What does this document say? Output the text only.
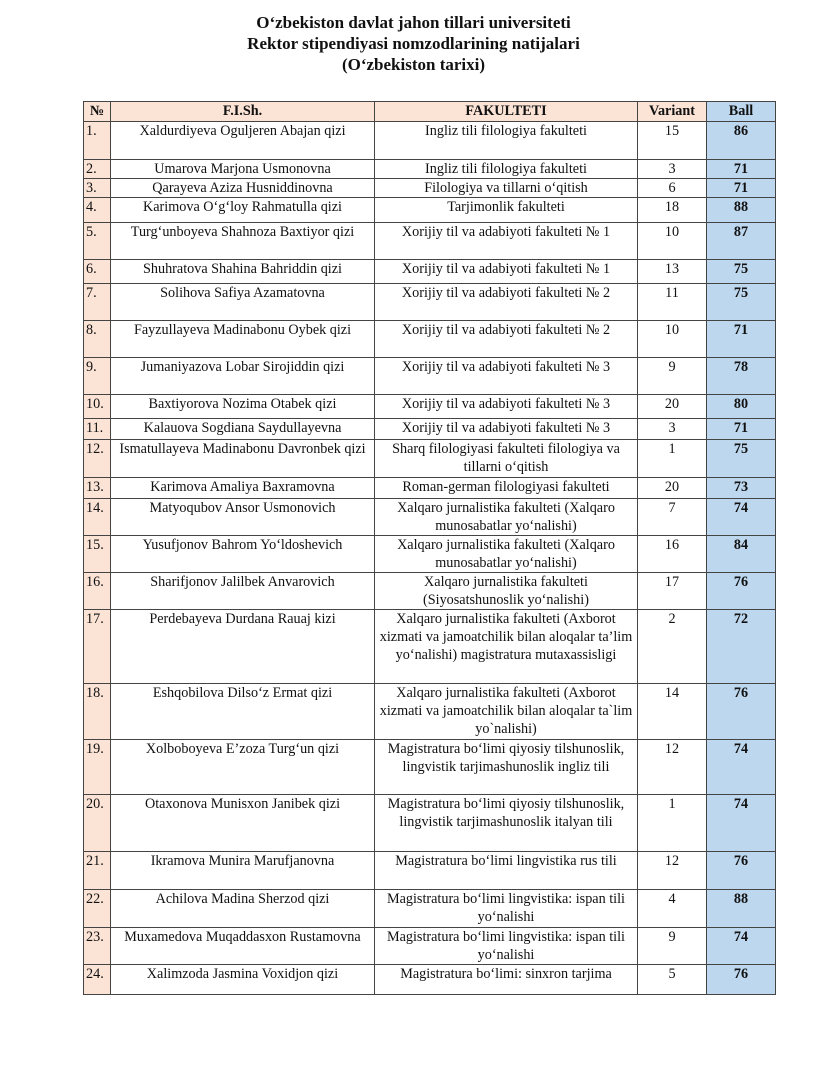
O‘zbekiston davlat jahon tillari universiteti
Rektor stipendiyasi nomzodlarining natijalari
(O‘zbekiston tarixi)
№	F.I.Sh.	FAKULTETI	Variant	Ball
1.	Xaldurdiyeva Oguljeren Abajan qizi	Ingliz tili filologiya fakulteti	15	86
2.	Umarova Marjona Usmonovna	Ingliz tili filologiya fakulteti	3	71
3.	Qarayeva Aziza Husniddinovna	Filologiya va tillarni o‘qitish	6	71
4.	Karimova O‘g‘loy Rahmatulla qizi	Tarjimonlik fakulteti	18	88
5.	Turg‘unboyeva Shahnoza Baxtiyor qizi	Xorijiy til va adabiyoti fakulteti № 1	10	87
6.	Shuhratova Shahina Bahriddin qizi	Xorijiy til va adabiyoti fakulteti № 1	13	75
7.	Solihova Safiya Azamatovna	Xorijiy til va adabiyoti fakulteti № 2	11	75
8.	Fayzullayeva Madinabonu Oybek qizi	Xorijiy til va adabiyoti fakulteti № 2	10	71
9.	Jumaniyazova Lobar Sirojiddin qizi	Xorijiy til va adabiyoti fakulteti № 3	9	78
10.	Baxtiyorova Nozima Otabek qizi	Xorijiy til va adabiyoti fakulteti № 3	20	80
11.	Kalauova Sogdiana Saydullayevna	Xorijiy til va adabiyoti fakulteti № 3	3	71
12.	Ismatullayeva Madinabonu Davronbek qizi	Sharq filologiyasi fakulteti filologiya va tillarni o‘qitish	1	75
13.	Karimova Amaliya Baxramovna	Roman-german filologiyasi fakulteti	20	73
14.	Matyoqubov Ansor Usmonovich	Xalqaro jurnalistika fakulteti (Xalqaro munosabatlar yo‘nalishi)	7	74
15.	Yusufjonov Bahrom Yo‘ldoshevich	Xalqaro jurnalistika fakulteti (Xalqaro munosabatlar yo‘nalishi)	16	84
16.	Sharifjonov Jalilbek Anvarovich	Xalqaro jurnalistika fakulteti (Siyosatshunoslik yo‘nalishi)	17	76
17.	Perdebayeva Durdana Rauaj kizi	Xalqaro jurnalistika fakulteti (Axborot xizmati va jamoatchilik bilan aloqalar ta’lim yo‘nalishi) magistratura mutaxassisligi	2	72
18.	Eshqobilova Dilso‘z Ermat qizi	Xalqaro jurnalistika fakulteti (Axborot xizmati va jamoatchilik bilan aloqalar ta`lim yo`nalishi)	14	76
19.	Xolboboyeva E’zoza Turg‘un qizi	Magistratura bo‘limi qiyosiy tilshunoslik, lingvistik tarjimashunoslik ingliz tili	12	74
20.	Otaxonova Munisxon Janibek qizi	Magistratura bo‘limi qiyosiy tilshunoslik, lingvistik tarjimashunoslik italyan tili	1	74
21.	Ikramova Munira Marufjanovna	Magistratura bo‘limi lingvistika rus tili	12	76
22.	Achilova Madina Sherzod qizi	Magistratura bo‘limi lingvistika: ispan tili yo‘nalishi	4	88
23.	Muxamedova Muqaddasxon Rustamovna	Magistratura bo‘limi lingvistika: ispan tili yo‘nalishi	9	74
24.	Xalimzoda Jasmina Voxidjon qizi	Magistratura bo‘limi: sinxron tarjima	5	76
